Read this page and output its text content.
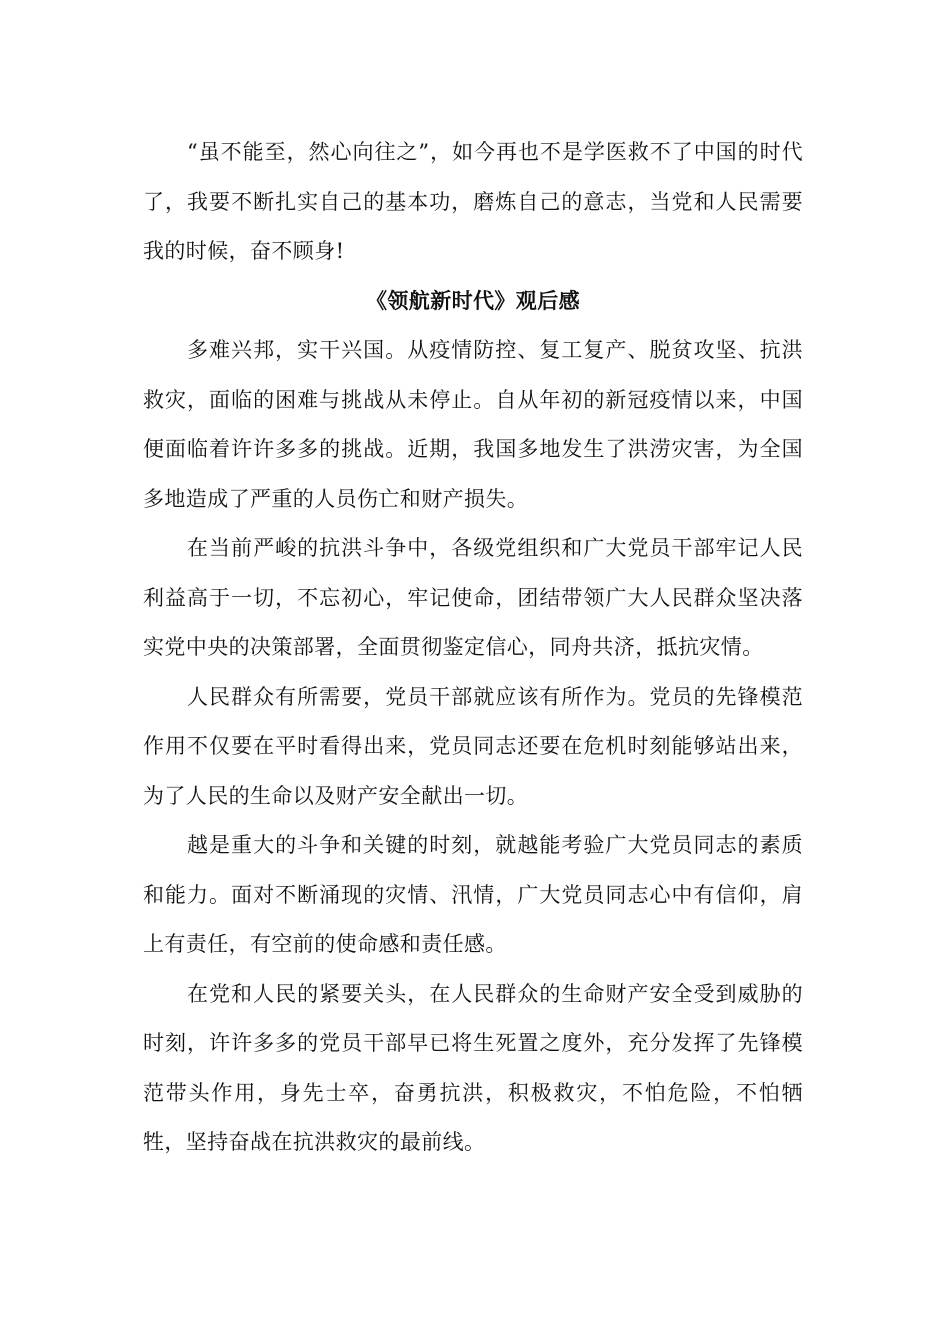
“虽不能至，然心向往之”，如今再也不是学医救不了中国的时代了，我要不断扎实自己的基本功，磨炼自己的意志，当党和人民需要我的时候，奋不顾身!

《领航新时代》观后感

多难兴邦，实干兴国。从疫情防控、复工复产、脱贫攻坚、抗洪救灾，面临的困难与挑战从未停止。自从年初的新冠疫情以来，中国便面临着许许多多的挑战。近期，我国多地发生了洪涝灾害，为全国多地造成了严重的人员伤亡和财产损失。

在当前严峻的抗洪斗争中，各级党组织和广大党员干部牢记人民利益高于一切，不忘初心，牢记使命，团结带领广大人民群众坚决落实党中央的决策部署，全面贯彻鉴定信心，同舟共济，抵抗灾情。

人民群众有所需要，党员干部就应该有所作为。党员的先锋模范作用不仅要在平时看得出来，党员同志还要在危机时刻能够站出来，为了人民的生命以及财产安全献出一切。

越是重大的斗争和关键的时刻，就越能考验广大党员同志的素质和能力。面对不断涌现的灾情、汛情，广大党员同志心中有信仰，肩上有责任，有空前的使命感和责任感。

在党和人民的紧要关头，在人民群众的生命财产安全受到威胁的时刻，许许多多的党员干部早已将生死置之度外，充分发挥了先锋模范带头作用，身先士卒，奋勇抗洪，积极救灾，不怕危险，不怕牺牲，坚持奋战在抗洪救灾的最前线。
